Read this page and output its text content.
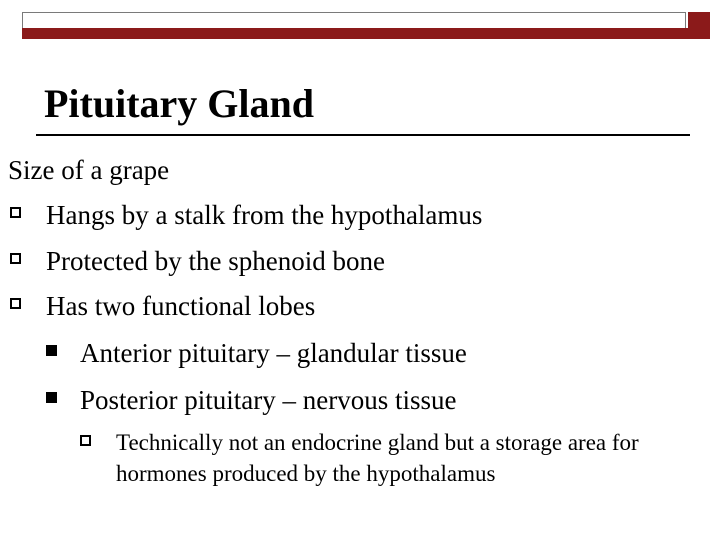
Pituitary Gland
Size of a grape
Hangs by a stalk from the hypothalamus
Protected by the sphenoid bone
Has two functional lobes
Anterior pituitary – glandular tissue
Posterior pituitary – nervous tissue
Technically not an endocrine gland but a storage area for hormones produced by the hypothalamus
